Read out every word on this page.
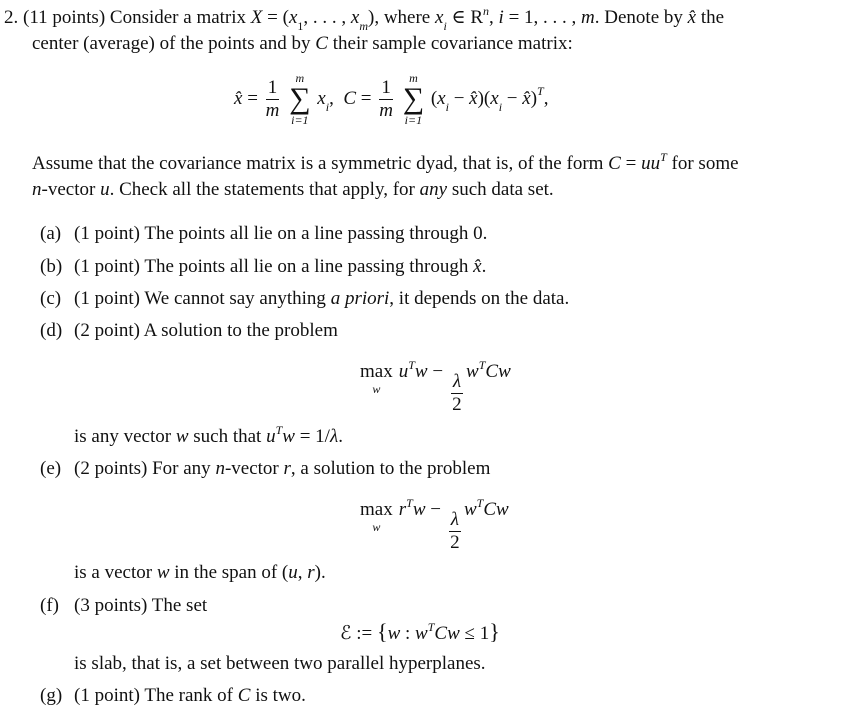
2. (11 points) Consider a matrix $X = (x_1$, . . . , $x_m$), where $x_i$ ∈ $R^n$, i = 1, . . . , m. Denote by x̂ the
center (average) of the points and by C their sample covariance matrix:
x̂ = $\frac{1}{m}$
m
∑
i=1
$x_i$,  $C = \frac{1}{m}$
m
∑
i=1
($x_i$ − $x̂)(x_i$ − x̂)$^T$,
Assume that the covariance matrix is a symmetric dyad, that is, of the form $C = uu^T$ for some
n-vector u. Check all the statements that apply, for any such data set.
(a) (1 point) The points all lie on a line passing through 0.
(b) (1 point) The points all lie on a line passing through x̂.
(c) (1 point) We cannot say anything a priori, it depends on the data.
(d) (2 point) A solution to the problem
max
w
$u^Tw$ −
$\frac{\lambda}{2}$
$w^TCw$
is any vector w such that $u^Tw = 1/\lambda$.
(e) (2 points) For any n-vector r, a solution to the problem
max
w
$r^Tw$ −
$\frac{\lambda}{2}$
$w^TCw$
is a vector w in the span of (u, r).
(f) (3 points) The set
ℰ := {w : $w^TCw \le 1$}
is slab, that is, a set between two parallel hyperplanes.
(g) (1 point) The rank of C is two.
